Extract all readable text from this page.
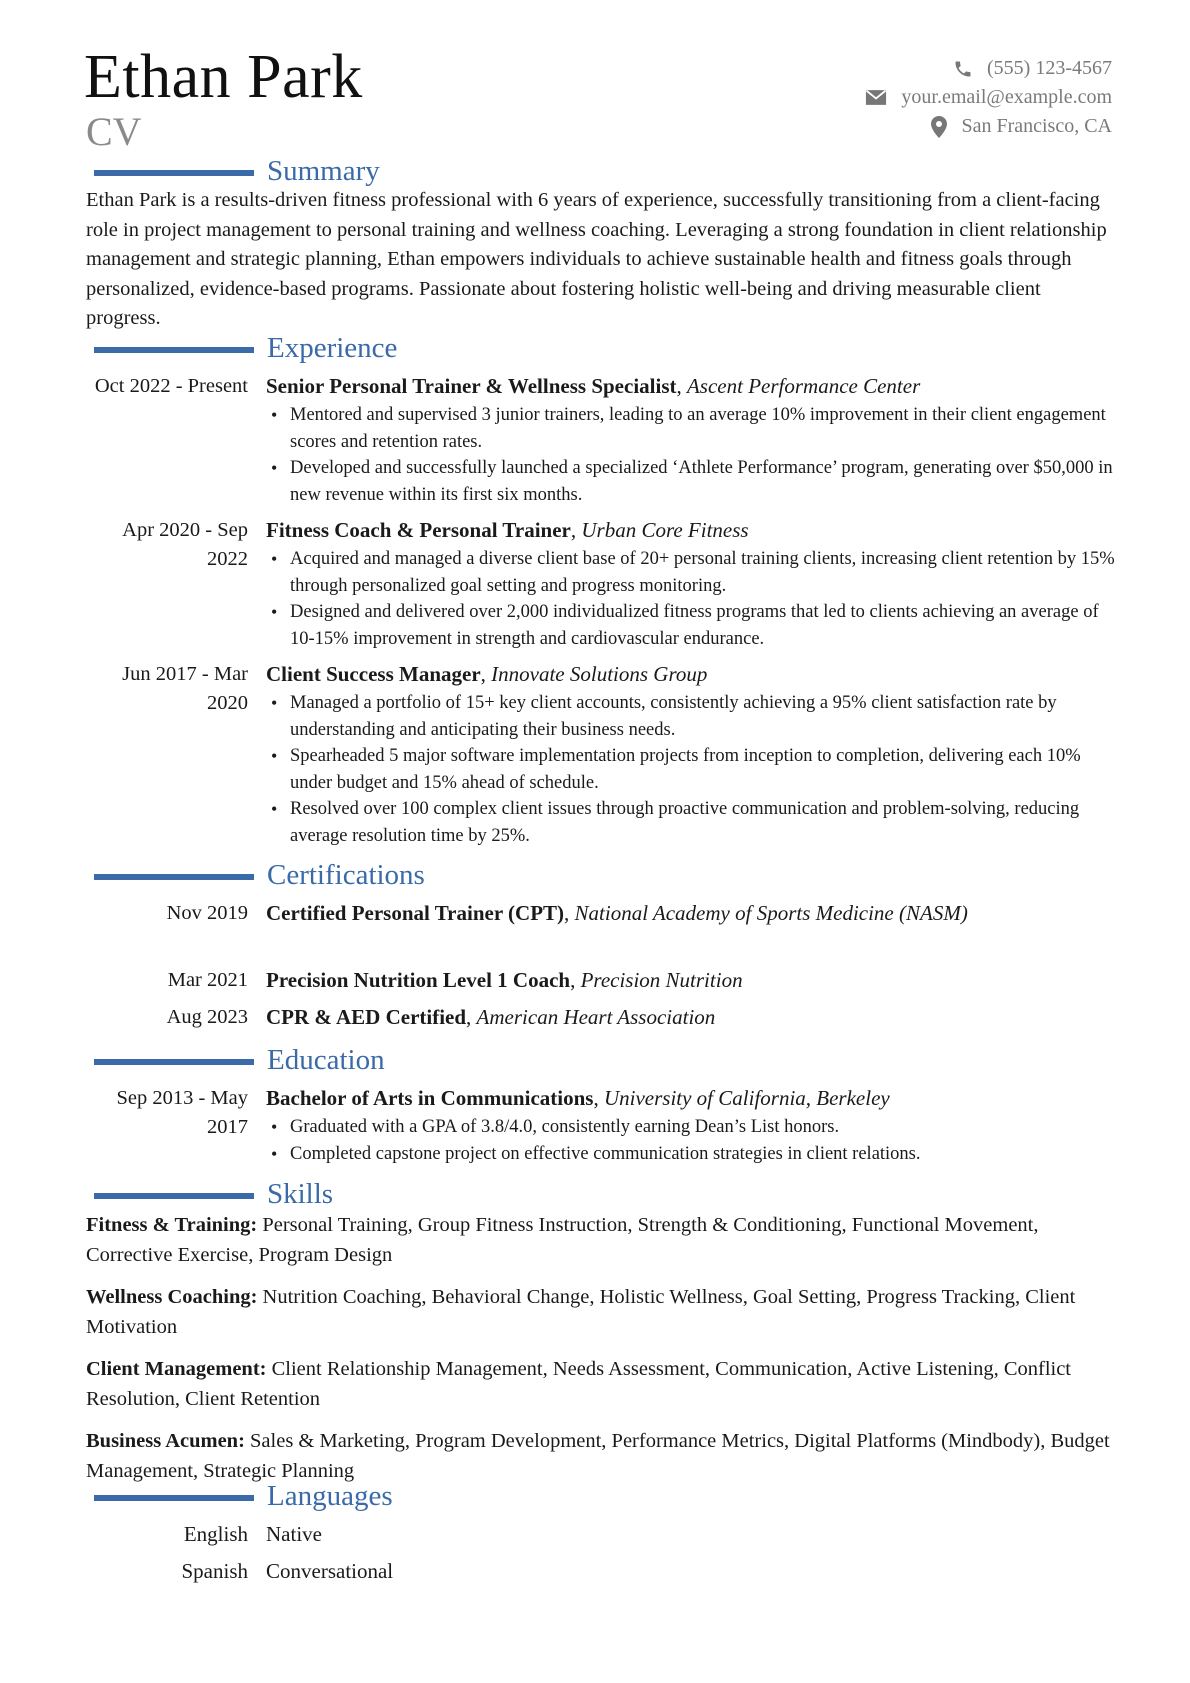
Ethan Park
CV
(555) 123-4567
your.email@example.com
San Francisco, CA
Summary
Ethan Park is a results-driven fitness professional with 6 years of experience, successfully transitioning from a client-facing role in project management to personal training and wellness coaching. Leveraging a strong foundation in client relationship management and strategic planning, Ethan empowers individuals to achieve sustainable health and fitness goals through personalized, evidence-based programs. Passionate about fostering holistic well-being and driving measurable client progress.
Experience
Oct 2022 - Present Senior Personal Trainer & Wellness Specialist, Ascent Performance Center
• Mentored and supervised 3 junior trainers, leading to an average 10% improvement in their client engagement scores and retention rates.
• Developed and successfully launched a specialized ‘Athlete Performance’ program, generating over $50,000 in new revenue within its first six months.
Apr 2020 - Sep 2022
Fitness Coach & Personal Trainer, Urban Core Fitness
• Acquired and managed a diverse client base of 20+ personal training clients, increasing client retention by 15% through personalized goal setting and progress monitoring.
• Designed and delivered over 2,000 individualized fitness programs that led to clients achieving an average of 10-15% improvement in strength and cardiovascular endurance.
Jun 2017 - Mar 2020
Client Success Manager, Innovate Solutions Group
• Managed a portfolio of 15+ key client accounts, consistently achieving a 95% client satisfaction rate by understanding and anticipating their business needs.
• Spearheaded 5 major software implementation projects from inception to completion, delivering each 10% under budget and 15% ahead of schedule.
• Resolved over 100 complex client issues through proactive communication and problem-solving, reducing average resolution time by 25%.
Certifications
Nov 2019 Certified Personal Trainer (CPT), National Academy of Sports Medicine (NASM)
Mar 2021 Precision Nutrition Level 1 Coach, Precision Nutrition
Aug 2023 CPR & AED Certified, American Heart Association
Education
Sep 2013 - May 2017
Bachelor of Arts in Communications, University of California, Berkeley
• Graduated with a GPA of 3.8/4.0, consistently earning Dean’s List honors.
• Completed capstone project on effective communication strategies in client relations.
Skills
Fitness & Training: Personal Training, Group Fitness Instruction, Strength & Conditioning, Functional Movement, Corrective Exercise, Program Design
Wellness Coaching: Nutrition Coaching, Behavioral Change, Holistic Wellness, Goal Setting, Progress Tracking, Client Motivation
Client Management: Client Relationship Management, Needs Assessment, Communication, Active Listening, Conflict Resolution, Client Retention
Business Acumen: Sales & Marketing, Program Development, Performance Metrics, Digital Platforms (Mindbody), Budget Management, Strategic Planning
Languages
English Native
Spanish Conversational
